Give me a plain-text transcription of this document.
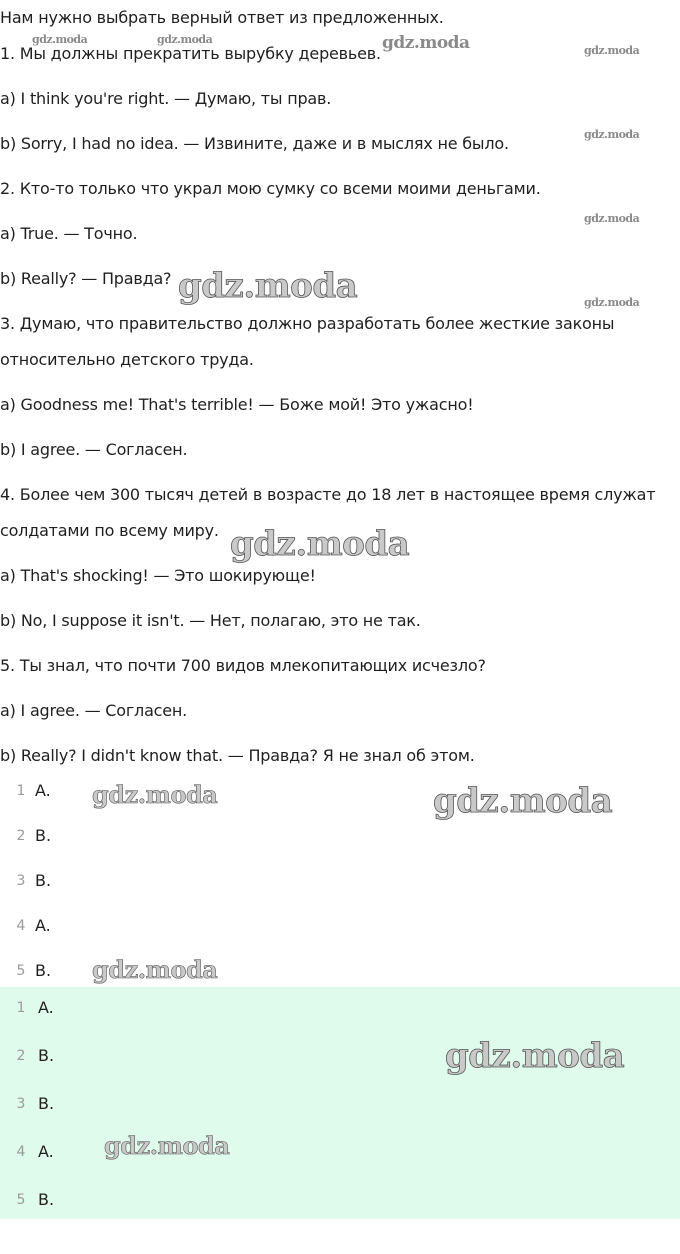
Нам нужно выбрать верный ответ из предложенных.
1. Мы должны прекратить вырубку деревьев.
a) I think you're right. — Думаю, ты прав.
b) Sorry, I had no idea. — Извините, даже и в мыслях не было.
2. Кто-то только что украл мою сумку со всеми моими деньгами.
a) True. — Точно.
b) Really? — Правда?
3. Думаю, что правительство должно разработать более жесткие законы
относительно детского труда.
a) Goodness me! That's terrible! — Боже мой! Это ужасно!
b) I agree. — Согласен.
4. Более чем 300 тысяч детей в возрасте до 18 лет в настоящее время служат
солдатами по всему миру.
a) That's shocking! — Это шокирующе!
b) No, I suppose it isn't. — Нет, полагаю, это не так.
5. Ты знал, что почти 700 видов млекопитающих исчезло?
a) I agree. — Согласен.
b) Really? I didn't know that. — Правда? Я не знал об этом.
1 A.
2 B.
3 B.
4 A.
5 B.
1 A.
2 B.
3 B.
4 A.
5 B.
gdz.moda	gdz.moda	gdz.moda	gdz.moda
gdz.moda
gdz.moda
gdz.moda
gdz.moda
gdz.moda
gdz.moda	gdz.moda
gdz.moda
gdz.moda
gdz.moda
